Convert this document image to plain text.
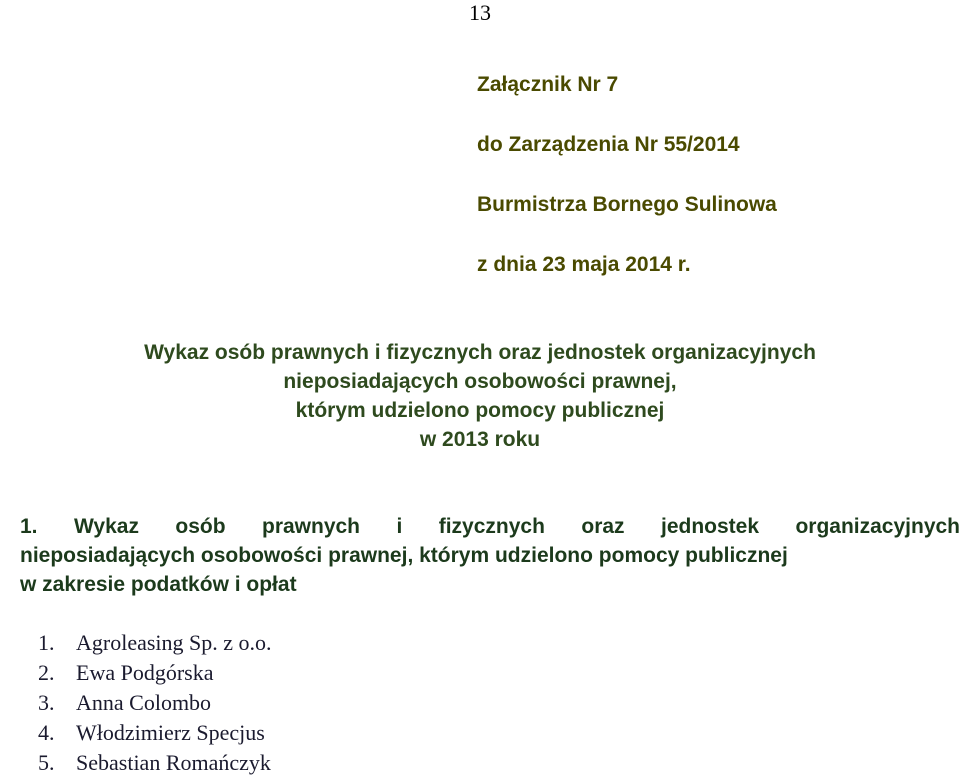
13
Załącznik Nr 7
do Zarządzenia Nr 55/2014
Burmistrza Bornego Sulinowa
z dnia 23 maja 2014 r.
Wykaz osób prawnych i fizycznych oraz jednostek organizacyjnych
nieposiadających osobowości prawnej,
którym udzielono pomocy publicznej
w 2013 roku
1. Wykaz osób prawnych i fizycznych oraz jednostek organizacyjnych
nieposiadających osobowości prawnej, którym udzielono pomocy publicznej
w zakresie podatków i opłat
1. Agroleasing Sp. z o.o.
2. Ewa Podgórska
3. Anna Colombo
4. Włodzimierz Specjus
5. Sebastian Romańczyk
